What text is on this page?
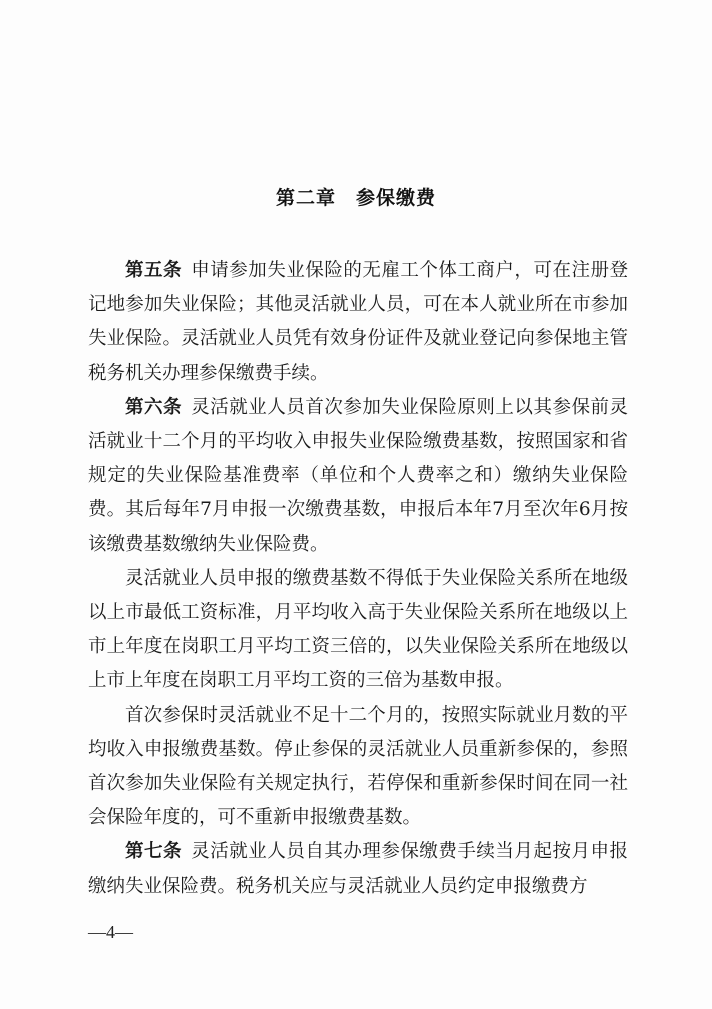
第二章　参保缴费

第五条 申请参加失业保险的无雇工个体工商户，可在注册登记地参加失业保险；其他灵活就业人员，可在本人就业所在市参加失业保险。灵活就业人员凭有效身份证件及就业登记向参保地主管税务机关办理参保缴费手续。

第六条 灵活就业人员首次参加失业保险原则上以其参保前灵活就业十二个月的平均收入申报失业保险缴费基数，按照国家和省规定的失业保险基准费率（单位和个人费率之和）缴纳失业保险费。其后每年7月申报一次缴费基数，申报后本年7月至次年6月按该缴费基数缴纳失业保险费。

灵活就业人员申报的缴费基数不得低于失业保险关系所在地级以上市最低工资标准，月平均收入高于失业保险关系所在地级以上市上年度在岗职工月平均工资三倍的，以失业保险关系所在地级以上市上年度在岗职工月平均工资的三倍为基数申报。

首次参保时灵活就业不足十二个月的，按照实际就业月数的平均收入申报缴费基数。停止参保的灵活就业人员重新参保的，参照首次参加失业保险有关规定执行，若停保和重新参保时间在同一社会保险年度的，可不重新申报缴费基数。

第七条 灵活就业人员自其办理参保缴费手续当月起按月申报缴纳失业保险费。税务机关应与灵活就业人员约定申报缴费方

—4—
